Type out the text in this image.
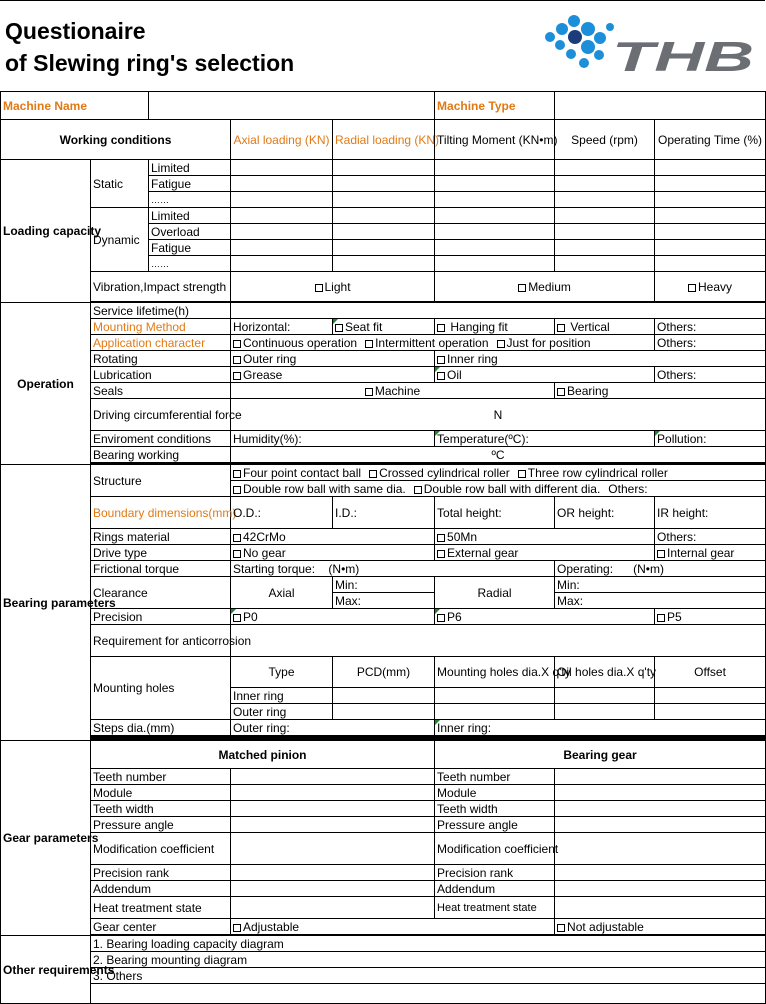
Questionaire
of Slewing ring's selection	THB
Machine Name					Machine Type		
Working conditions			Axial loading (KN)	Radial loading (KN)	Tilting Moment (KN•m)	Speed (rpm)	Operating Time (%)
Loading capacity	Static	Limited					
		Fatigue					
		……					
	Dynamic	Limited					
		Overload					
		Fatigue					
		……					
	Vibration,Impact strength		Light		Medium		Heavy

Operation	Service lifetime(h)						
	Mounting Method		Horizontal:	Seat fit	Hanging fit	Vertical	Others:
	Application character		Continuous operation Intermittent operation Just for position				Others:
	Rotating		Outer ring		Inner ring		
	Lubrication		Grease		Oil		Others:
	Seals		Machine			Bearing	
	Driving circumferential force		N				
	Enviroment conditions		Humidity(%):		Temperature(ºC):		Pollution:
	Bearing working		ºC				

Bearing parameters	Structure		Four point contact ball Crossed cylindrical roller Three row cylindrical roller				
			Double row ball with same dia. Double row ball with different dia. Others:				
	Boundary dimensions(mm)		O.D.:	I.D.:	Total height:	OR height:	IR height:
	Rings material		42CrMo		50Mn		Others:
	Drive type		No gear		External gear		Internal gear
	Frictional torque		Starting torque: (N•m)			Operating: (N•m)	
	Clearance		Axial	Min:	Radial	Min:	
				Max:		Max:	
	Precision		P0		P6		P5
	Requirement for anticorrosion						
	Mounting holes		Type	PCD(mm)	Mounting holes dia.X q'ty	Oil holes dia.X q'ty	Offset
			Inner ring				
			Outer ring				
	Steps dia.(mm)		Outer ring:		Inner ring:		

Gear parameters	Matched pinion				Bearing gear		
	Teeth number				Teeth number		
	Module				Module		
	Teeth width				Teeth width		
	Pressure angle				Pressure angle		
	Modification coefficient				Modification coefficient		
	Precision rank				Precision rank		
	Addendum				Addendum		
	Heat treatment state				Heat treatment state		
	Gear center		Adjustable			Not adjustable	

Other requirements	1. Bearing loading capacity diagram						
	2. Bearing mounting diagram						
	3. Others						
